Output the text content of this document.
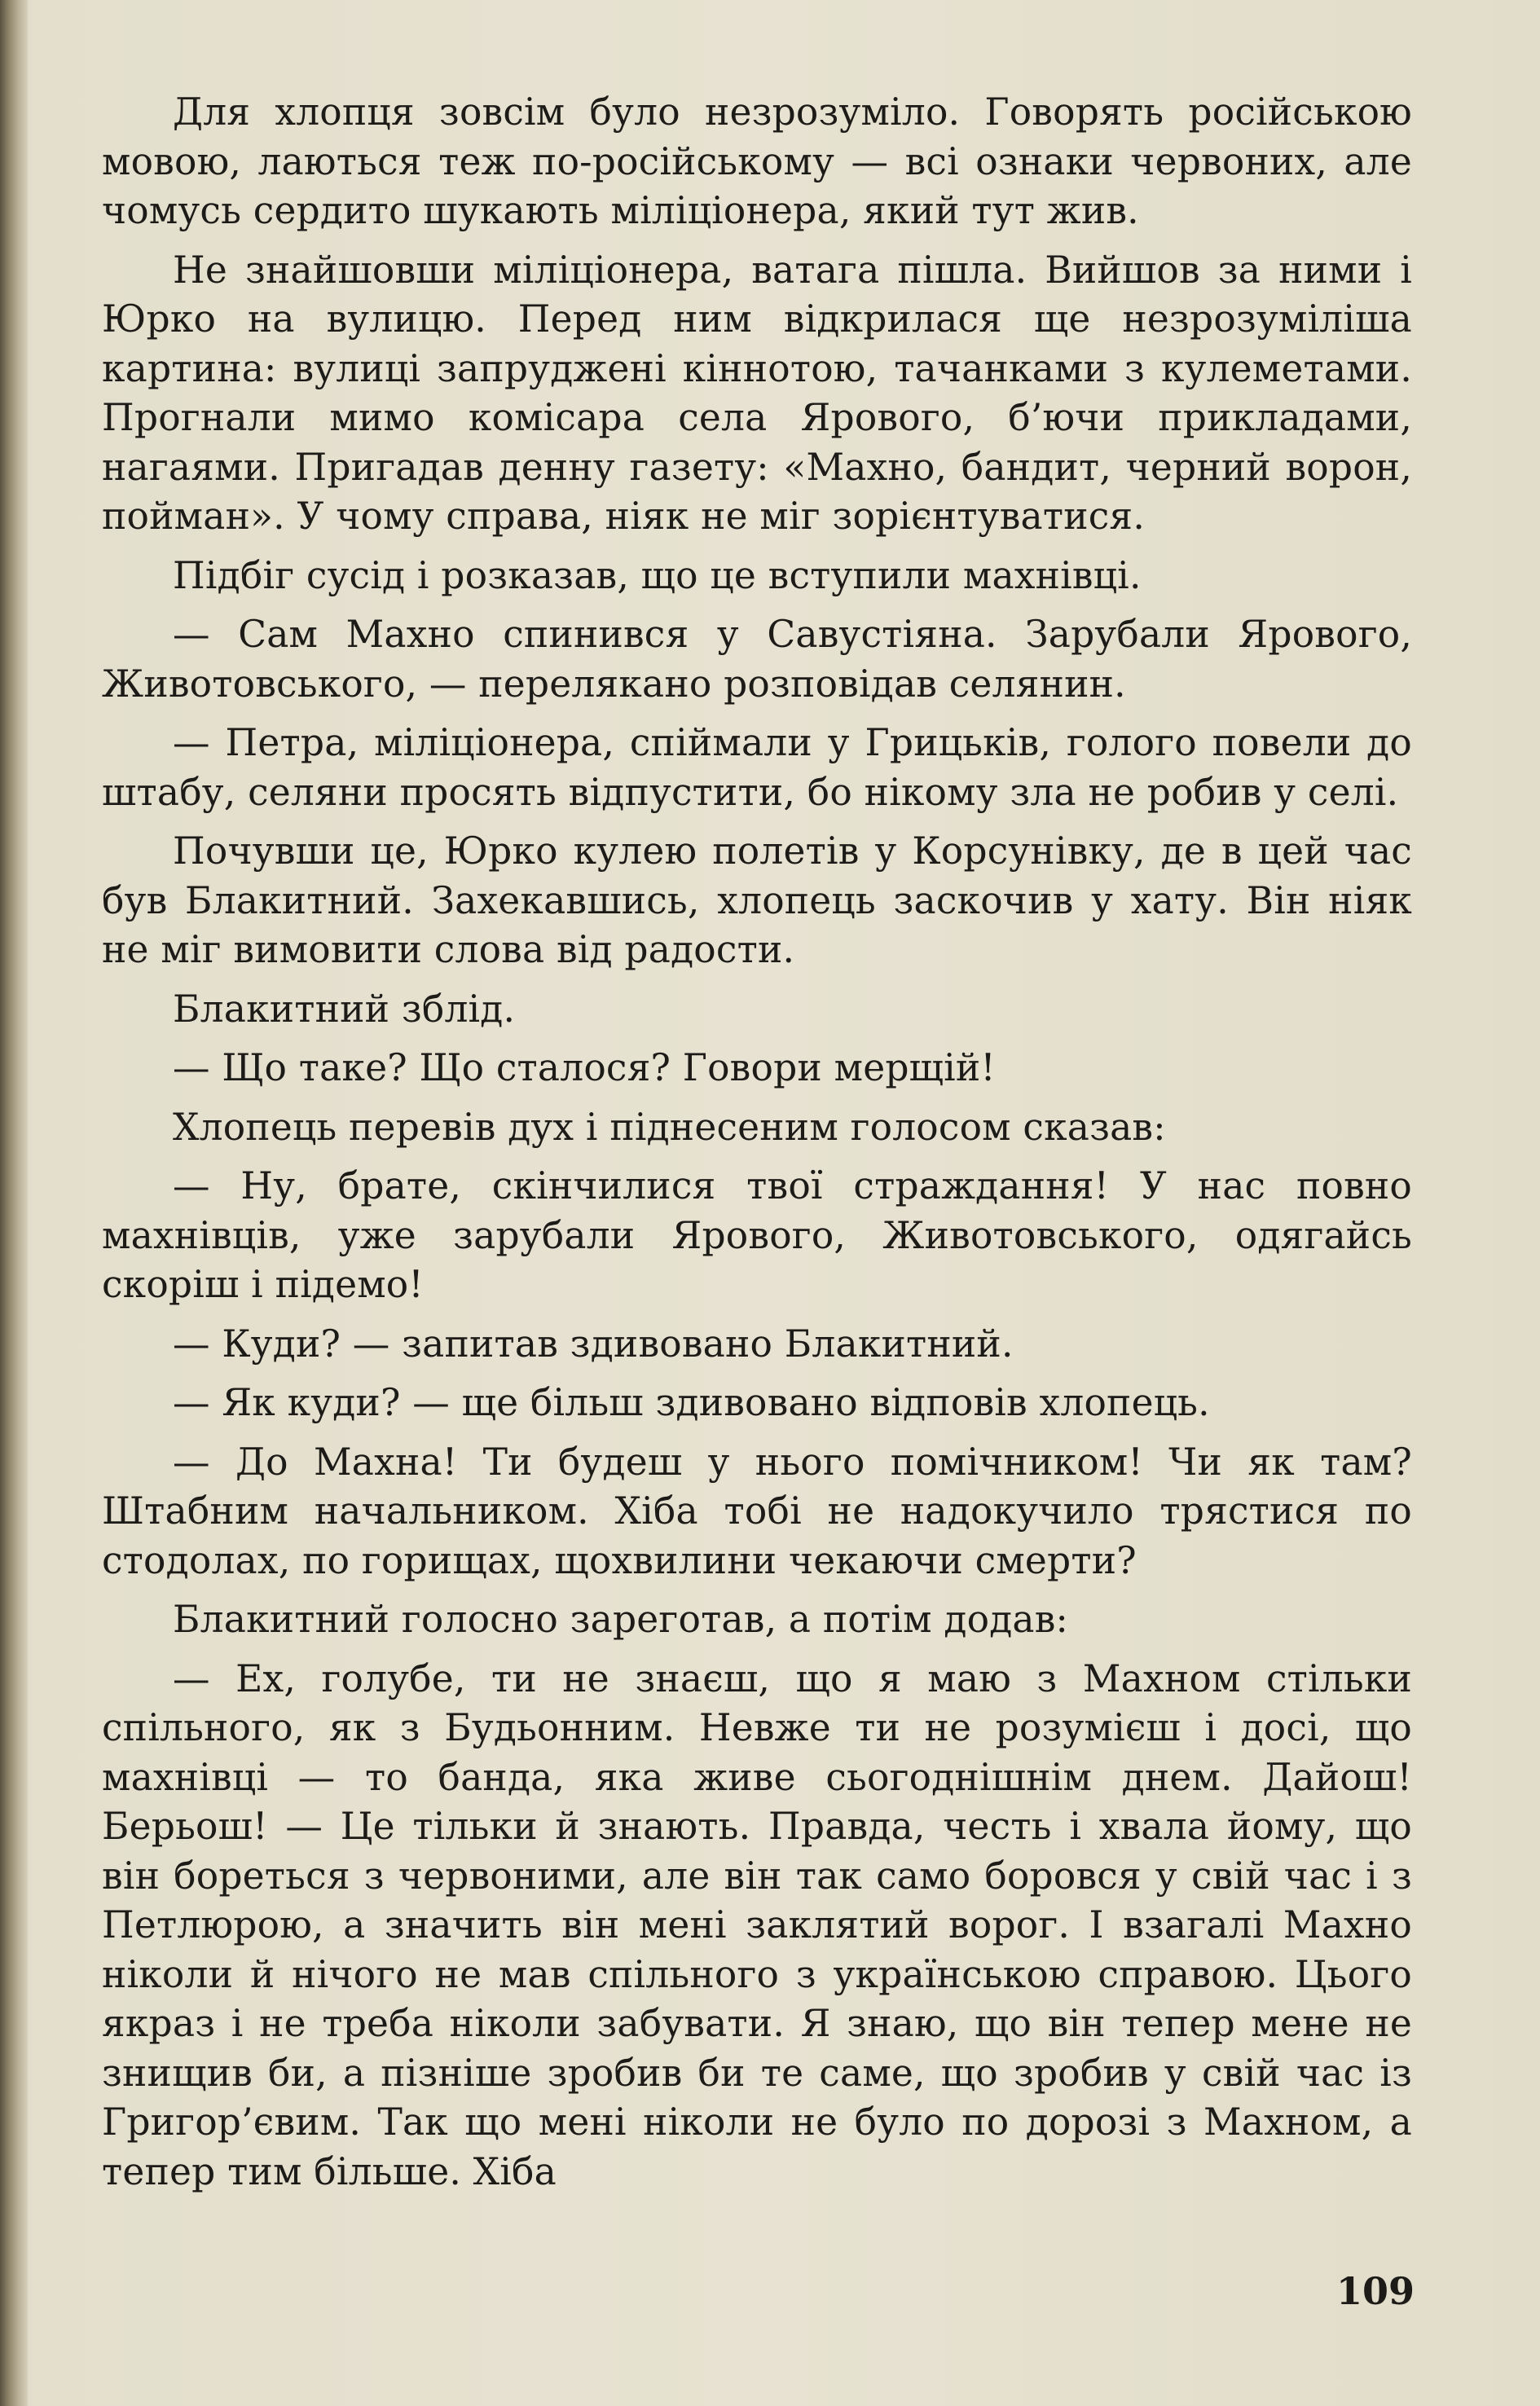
Для хлопця зовсім було незрозуміло. Говорять російською мовою, лаються теж по-російському — всі ознаки червоних, але чомусь сердито шукають міліціонера, який тут жив.

Не знайшовши міліціонера, ватага пішла. Вийшов за ними і Юрко на вулицю. Перед ним відкрилася ще незрозуміліша картина: вулиці запруджені кіннотою, тачанками з кулеметами. Прогнали мимо комісара села Ярового, б’ючи прикладами, нагаями. Пригадав денну газету: «Махно, бандит, черний ворон, пойман». У чому справа, ніяк не міг зорієнтуватися.

Підбіг сусід і розказав, що це вступили махнівці.

— Сам Махно спинився у Савустіяна. Зарубали Ярового, Животовського, — перелякано розповідав селянин.

— Петра, міліціонера, спіймали у Грицьків, голого повели до штабу, селяни просять відпустити, бо нікому зла не робив у селі.

Почувши це, Юрко кулею полетів у Корсунівку, де в цей час був Блакитний. Захекавшись, хлопець заскочив у хату. Він ніяк не міг вимовити слова від радости.

Блакитний зблід.

— Що таке? Що сталося? Говори мерщій!

Хлопець перевів дух і піднесеним голосом сказав:

— Ну, брате, скінчилися твої страждання! У нас повно махнівців, уже зарубали Ярового, Животовського, одягайсь скоріш і підемо!

— Куди? — запитав здивовано Блакитний.

— Як куди? — ще більш здивовано відповів хлопець.

— До Махна! Ти будеш у нього помічником! Чи як там? Штабним начальником. Хіба тобі не надокучило трястися по стодолах, по горищах, щохвилини чекаючи смерти?

Блакитний голосно зареготав, а потім додав:

— Ех, голубе, ти не знаєш, що я маю з Махном стільки спільного, як з Будьонним. Невже ти не розумієш і досі, що махнівці — то банда, яка живе сьогоднішнім днем. Дайош! Берьош! — Це тільки й знають. Правда, честь і хвала йому, що він бореться з червоними, але він так само боровся у свій час і з Петлюрою, а значить він мені заклятий ворог. І взагалі Махно ніколи й нічого не мав спільного з українською справою. Цього якраз і не треба ніколи забувати. Я знаю, що він тепер мене не знищив би, а пізніше зробив би те саме, що зробив у свій час із Григор’євим. Так що мені ніколи не було по дорозі з Махном, а тепер тим більше. Хіба

109
